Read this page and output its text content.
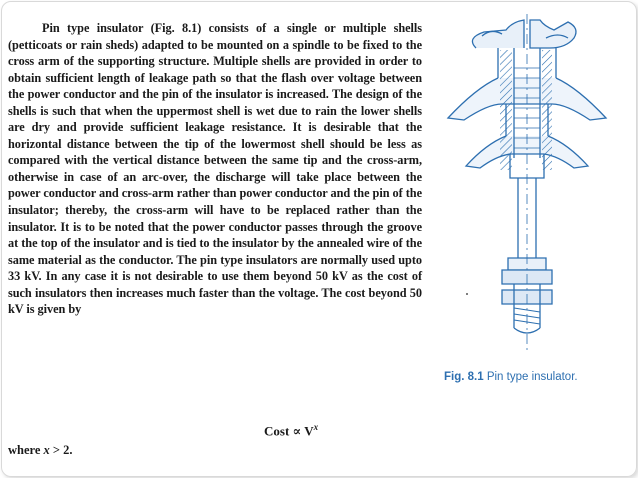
Pin type insulator (Fig. 8.1) consists of a single or multiple shells (petticoats or rain sheds) adapted to be mounted on a spindle to be fixed to the cross arm of the supporting structure. Multiple shells are provided in order to obtain sufficient length of leakage path so that the flash over voltage between the power conductor and the pin of the insulator is increased. The design of the shells is such that when the uppermost shell is wet due to rain the lower shells are dry and provide sufficient leakage resistance. It is desirable that the horizontal distance between the tip of the lowermost shell should be less as compared with the vertical distance between the same tip and the cross-arm, otherwise in case of an arc-over, the discharge will take place between the power conductor and cross-arm rather than power conductor and the pin of the insulator; thereby, the cross-arm will have to be replaced rather than the insulator. It is to be noted that the power conductor passes through the groove at the top of the insulator and is tied to the insulator by the annealed wire of the same material as the conductor. The pin type insulators are normally used upto 33 kV. In any case it is not desirable to use them beyond 50 kV as the cost of such insulators then increases much faster than the voltage. The cost beyond 50 kV is given by

Cost ∝ $V^x$
where x > 2.
Fig. 8.1 Pin type insulator.
